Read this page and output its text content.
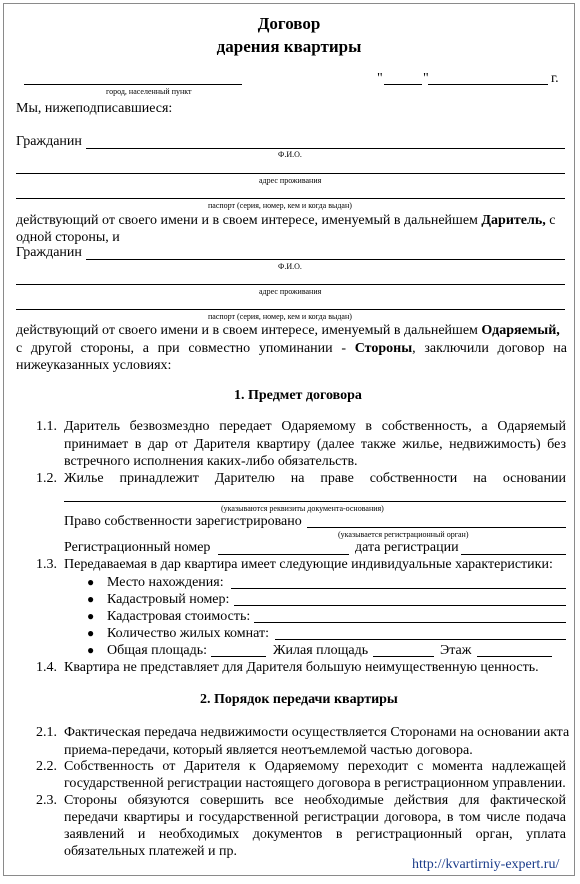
Договор
дарения квартиры
город, населенный пункт
"	"	г.
Мы, нижеподписавшиеся:
Гражданин
Ф.И.О.
адрес проживания
паспорт (серия, номер, кем и когда выдан)
действующий от своего имени и в своем интересе, именуемый в дальнейшем Даритель, с
одной стороны, и
Гражданин
Ф.И.О.
адрес проживания
паспорт (серия, номер, кем и когда выдан)
действующий от своего имени и в своем интересе, именуемый в дальнейшем Одаряемый,
с другой стороны, а при совместно упоминании - Стороны, заключили договор на
нижеуказанных условиях:
1. Предмет договора
1.1. Даритель безвозмездно передает Одаряемому в собственность, а Одаряемый
принимает в дар от Дарителя квартиру (далее также жилье, недвижимость) без
встречного исполнения каких-либо обязательств.
1.2. Жилье принадлежит Дарителю на праве собственности на основании
(указываются реквизиты документа-основания)
Право собственности зарегистрировано
(указывается регистрационный орган)
Регистрационный номер	дата регистрации
1.3. Передаваемая в дар квартира имеет следующие индивидуальные характеристики:
● Место нахождения:
● Кадастровый номер:
● Кадастровая стоимость:
● Количество жилых комнат:
● Общая площадь:	Жилая площадь	Этаж
1.4. Квартира не представляет для Дарителя большую неимущественную ценность.
2. Порядок передачи квартиры
2.1. Фактическая передача недвижимости осуществляется Сторонами на основании акта
приема-передачи, который является неотъемлемой частью договора.
2.2. Собственность от Дарителя к Одаряемому переходит с момента надлежащей
государственной регистрации настоящего договора в регистрационном управлении.
2.3. Стороны обязуются совершить все необходимые действия для фактической
передачи квартиры и государственной регистрации договора, в том числе подача
заявлений и необходимых документов в регистрационный орган, уплата
обязательных платежей и пр.
http://kvartirniy-expert.ru/
